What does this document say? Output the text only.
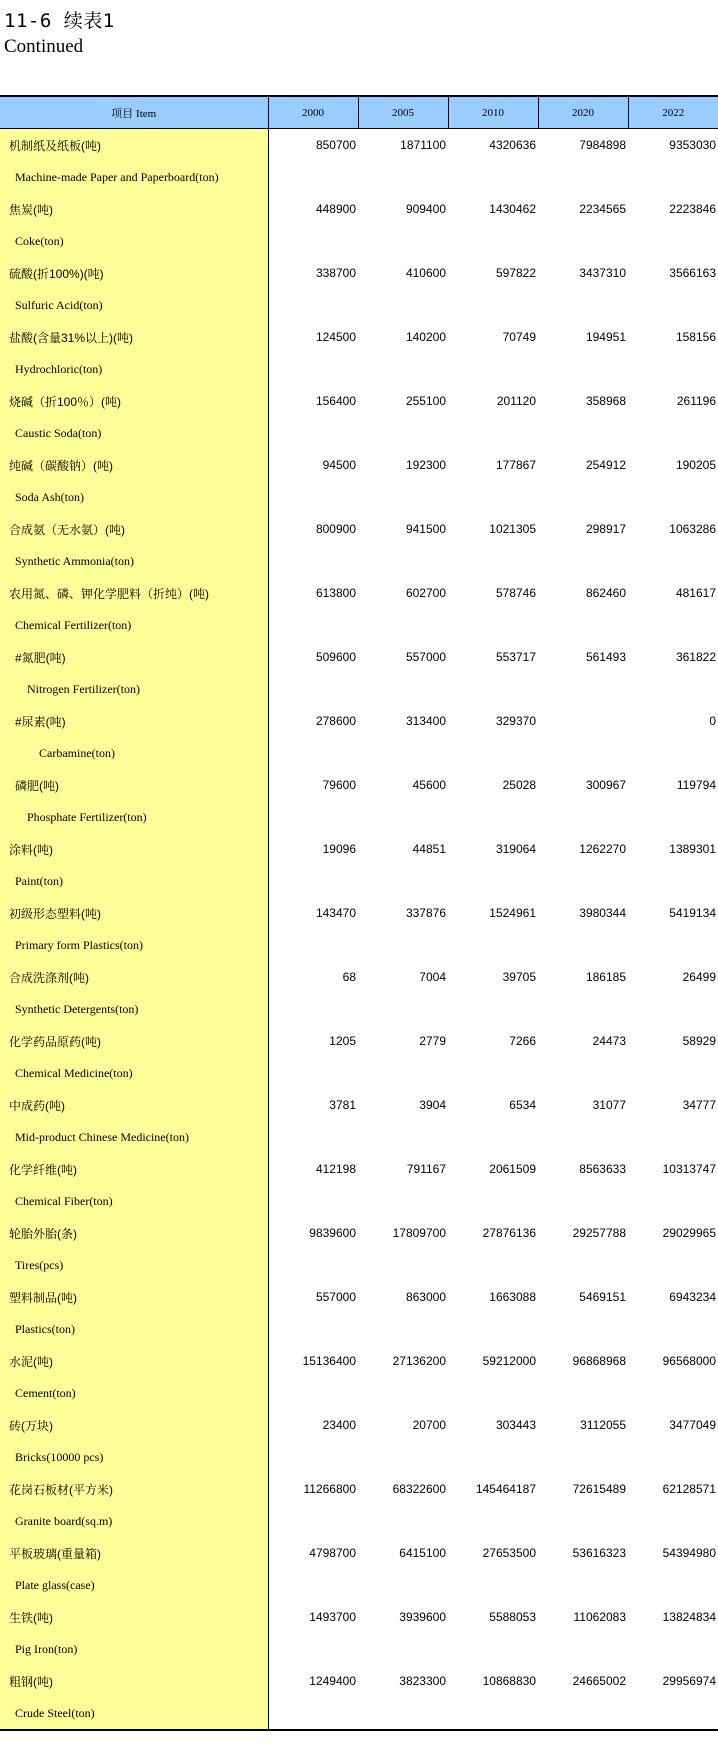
11-6 续表1
Continued
项目 Item	2000	2005	2010	2020	2022
机制纸及纸板(吨)	850700	1871100	4320636	7984898	9353030
Machine-made Paper and Paperboard(ton)					
焦炭(吨)	448900	909400	1430462	2234565	2223846
Coke(ton)					
硫酸(折100%)(吨)	338700	410600	597822	3437310	3566163
Sulfuric Acid(ton)					
盐酸(含量31%以上)(吨)	124500	140200	70749	194951	158156
Hydrochloric(ton)					
烧碱（折100％）(吨)	156400	255100	201120	358968	261196
Caustic Soda(ton)					
纯碱（碳酸钠）(吨)	94500	192300	177867	254912	190205
Soda Ash(ton)					
合成氨（无水氨）(吨)	800900	941500	1021305	298917	1063286
Synthetic Ammonia(ton)					
农用氮、磷、钾化学肥料（折纯）(吨)	613800	602700	578746	862460	481617
Chemical Fertilizer(ton)					
#氮肥(吨)	509600	557000	553717	561493	361822
Nitrogen Fertilizer(ton)					
#尿素(吨)	278600	313400	329370		0
Carbamine(ton)					
磷肥(吨)	79600	45600	25028	300967	119794
Phosphate Fertilizer(ton)					
涂料(吨)	19096	44851	319064	1262270	1389301
Paint(ton)					
初级形态塑料(吨)	143470	337876	1524961	3980344	5419134
Primary form Plastics(ton)					
合成洗涤剂(吨)	68	7004	39705	186185	26499
Synthetic Detergents(ton)					
化学药品原药(吨)	1205	2779	7266	24473	58929
Chemical Medicine(ton)					
中成药(吨)	3781	3904	6534	31077	34777
Mid-product Chinese Medicine(ton)					
化学纤维(吨)	412198	791167	2061509	8563633	10313747
Chemical Fiber(ton)					
轮胎外胎(条)	9839600	17809700	27876136	29257788	29029965
Tires(pcs)					
塑料制品(吨)	557000	863000	1663088	5469151	6943234
Plastics(ton)					
水泥(吨)	15136400	27136200	59212000	96868968	96568000
Cement(ton)					
砖(万块)	23400	20700	303443	3112055	3477049
Bricks(10000 pcs)					
花岗石板材(平方米)	11266800	68322600	145464187	72615489	62128571
Granite board(sq.m)					
平板玻璃(重量箱)	4798700	6415100	27653500	53616323	54394980
Plate glass(case)					
生铁(吨)	1493700	3939600	5588053	11062083	13824834
Pig Iron(ton)					
粗钢(吨)	1249400	3823300	10868830	24665002	29956974
Crude Steel(ton)					
